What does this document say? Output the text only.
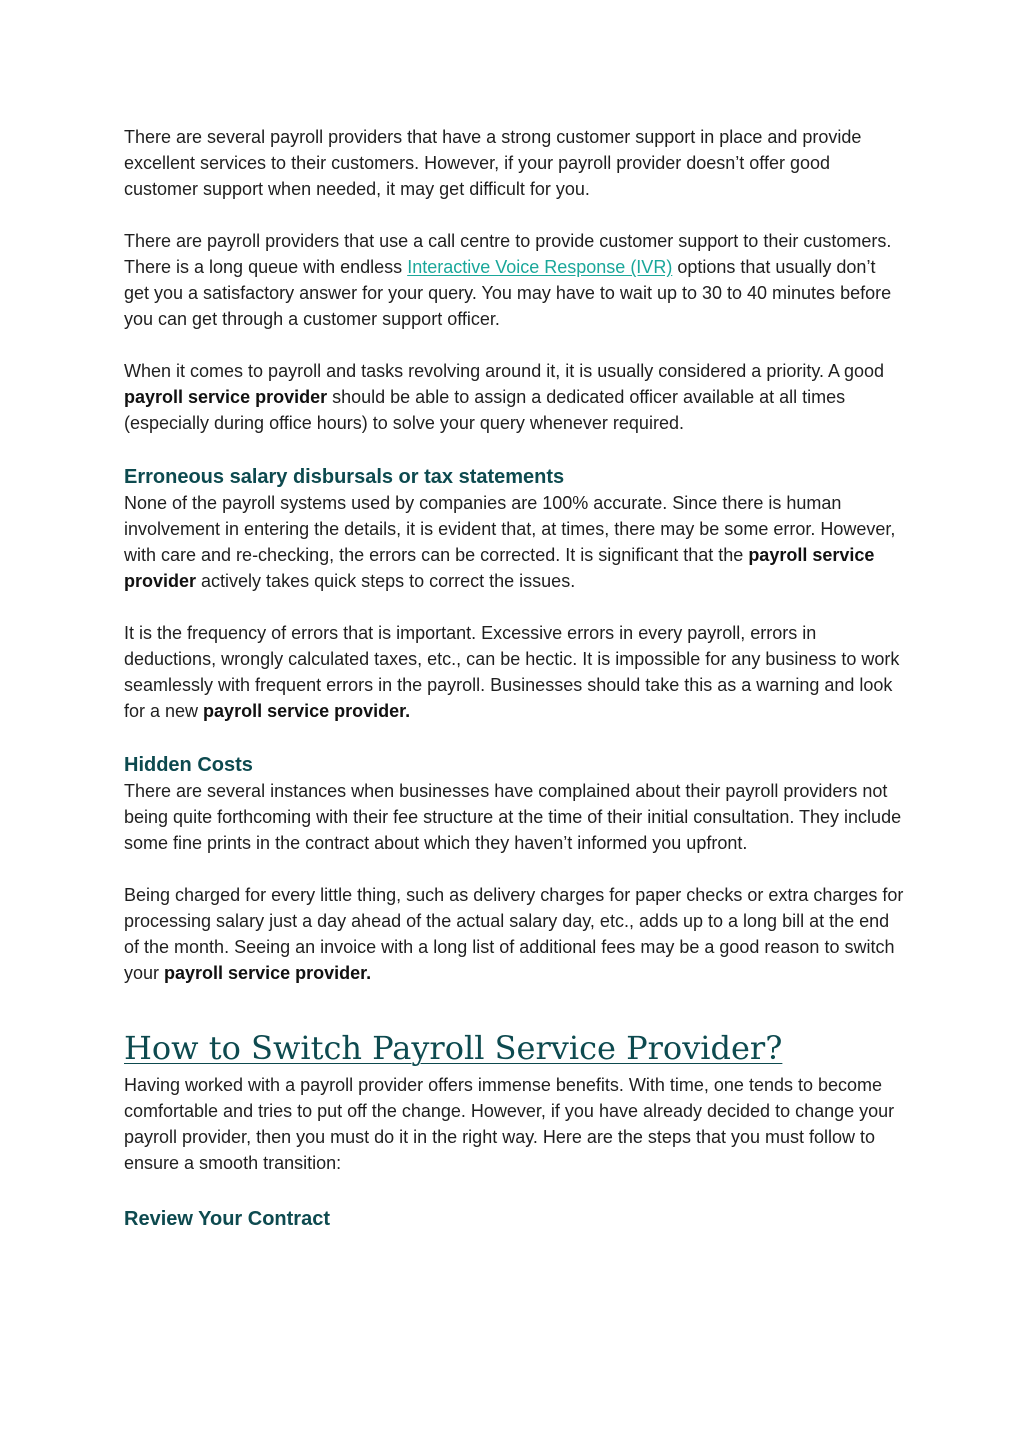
There are several payroll providers that have a strong customer support in place and provide excellent services to their customers. However, if your payroll provider doesn’t offer good customer support when needed, it may get difficult for you.

There are payroll providers that use a call centre to provide customer support to their customers. There is a long queue with endless Interactive Voice Response (IVR) options that usually don’t get you a satisfactory answer for your query. You may have to wait up to 30 to 40 minutes before you can get through a customer support officer.

When it comes to payroll and tasks revolving around it, it is usually considered a priority. A good payroll service provider should be able to assign a dedicated officer available at all times (especially during office hours) to solve your query whenever required.

Erroneous salary disbursals or tax statements

None of the payroll systems used by companies are 100% accurate. Since there is human involvement in entering the details, it is evident that, at times, there may be some error. However, with care and re-checking, the errors can be corrected. It is significant that the payroll service provider actively takes quick steps to correct the issues.

It is the frequency of errors that is important. Excessive errors in every payroll, errors in deductions, wrongly calculated taxes, etc., can be hectic. It is impossible for any business to work seamlessly with frequent errors in the payroll. Businesses should take this as a warning and look for a new payroll service provider.

Hidden Costs

There are several instances when businesses have complained about their payroll providers not being quite forthcoming with their fee structure at the time of their initial consultation. They include some fine prints in the contract about which they haven’t informed you upfront.

Being charged for every little thing, such as delivery charges for paper checks or extra charges for processing salary just a day ahead of the actual salary day, etc., adds up to a long bill at the end of the month. Seeing an invoice with a long list of additional fees may be a good reason to switch your payroll service provider.

How to Switch Payroll Service Provider?

Having worked with a payroll provider offers immense benefits. With time, one tends to become comfortable and tries to put off the change. However, if you have already decided to change your payroll provider, then you must do it in the right way. Here are the steps that you must follow to ensure a smooth transition:

Review Your Contract
